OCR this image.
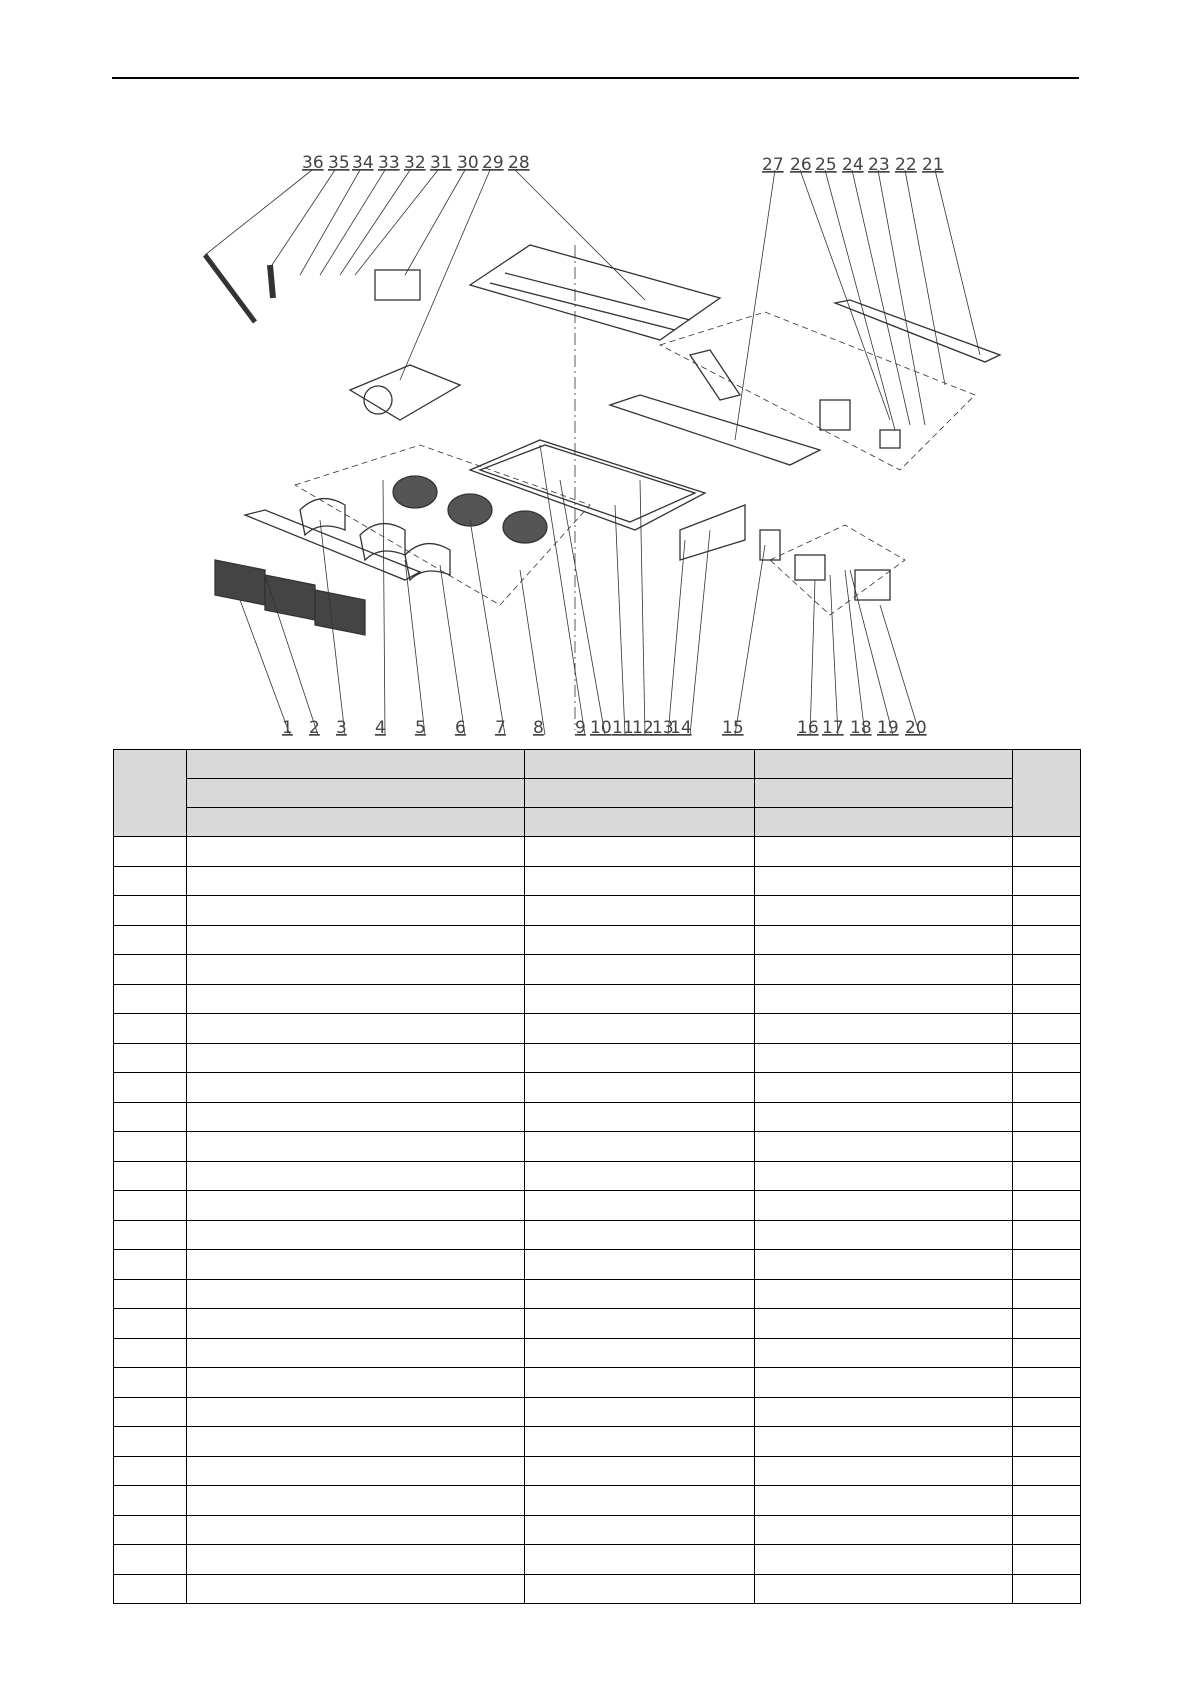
36 35 34 33 32 31 30 29 28	27 26 25 24 23 22 21
1 2 3 4 5 6 7 8 9 10 11
12
13
14 15	16 17 18 19 20
